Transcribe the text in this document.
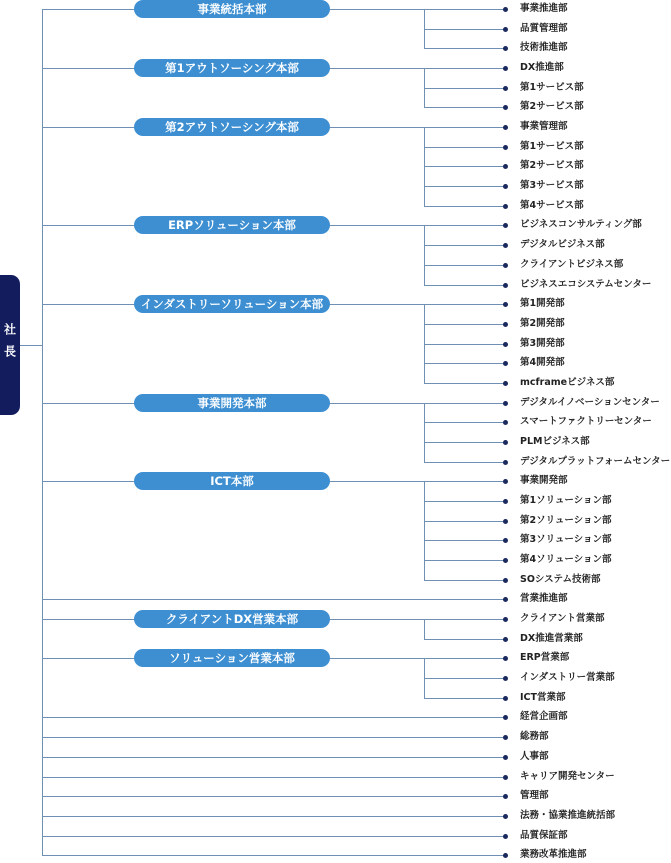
社長
事業統括本部	事業推進部
品質管理部
技術推進部
第1アウトソーシング本部	DX推進部
第1サービス部
第2サービス部
第2アウトソーシング本部	事業管理部
第1サービス部
第2サービス部
第3サービス部
第4サービス部
ERPソリューション本部	ビジネスコンサルティング部
デジタルビジネス部
クライアントビジネス部
ビジネスエコシステムセンター
インダストリーソリューション本部	第1開発部
第2開発部
第3開発部
第4開発部
mcframeビジネス部
事業開発本部	デジタルイノベーションセンター
スマートファクトリーセンター
PLMビジネス部
デジタルプラットフォームセンター
ICT本部	事業開発部
第1ソリューション部
第2ソリューション部
第3ソリューション部
第4ソリューション部
SOシステム技術部
営業推進部
クライアントDX営業本部	クライアント営業部
DX推進営業部
ソリューション営業本部	ERP営業部
インダストリー営業部
ICT営業部
経営企画部
総務部
人事部
キャリア開発センター
管理部
法務・協業推進統括部
品質保証部
業務改革推進部
